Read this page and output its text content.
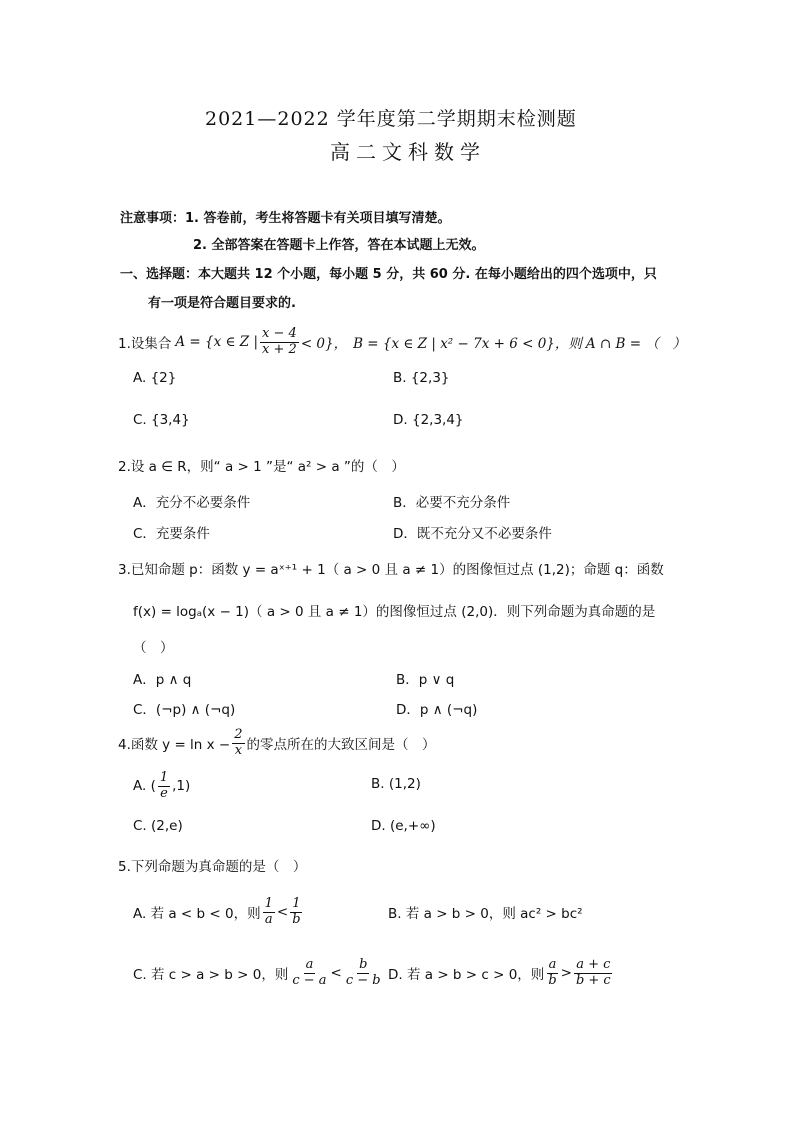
2021—2022 学年度第二学期期末检测题
高二文科数学
注意事项：1. 答卷前，考生将答题卡有关项目填写清楚。
2. 全部答案在答题卡上作答，答在本试题上无效。
一、选择题：本大题共 12 个小题，每小题 5 分，共 60 分. 在每小题给出的四个选项中，只
有一项是符合题目要求的.
1.设集合 A = {x ∈ Z | $\frac{x - 4}{x + 2} < 0$}， B = {x ∈ Z | x² − 7x + 6 < 0}，则 A ∩ B = （　）
A. {2}	B. {2,3}
C. {3,4}	D. {2,3,4}
2.设 a ∈ R，则“ a > 1 ”是“ a² > a ”的（　）
A．充分不必要条件	B．必要不充分条件
C．充要条件	D．既不充分又不必要条件
3.已知命题 p：函数 y = aˣ⁺¹ + 1（ a > 0 且 a ≠ 1）的图像恒过点 (1,2)；命题 q：函数
f(x) = logₐ(x − 1)（ a > 0 且 a ≠ 1）的图像恒过点 (2,0)．则下列命题为真命题的是
（　）
A．p ∧ q	B．p ∨ q
C．(¬p) ∧ (¬q)	D．p ∧ (¬q)
4.函数 $y = \ln x - \frac{2}{x}$ 的零点所在的大致区间是（　）
A. ( $\frac{1}{e} ,1$)	B. (1,2)
C. (2,e)	D. (e,+∞)
5.下列命题为真命题的是（　）
A. 若 a < b < 0，则 $\frac{1}{a} < \frac{1}{b}$	B. 若 a > b > 0，则 ac² > bc²
C. 若 c > a > b > 0，则 $\frac{a}{c - a} < \frac{b}{c - b} D$. 若 a > b > c > 0，则 $\frac{a}{b} > \frac{a + c}{b + c}$
